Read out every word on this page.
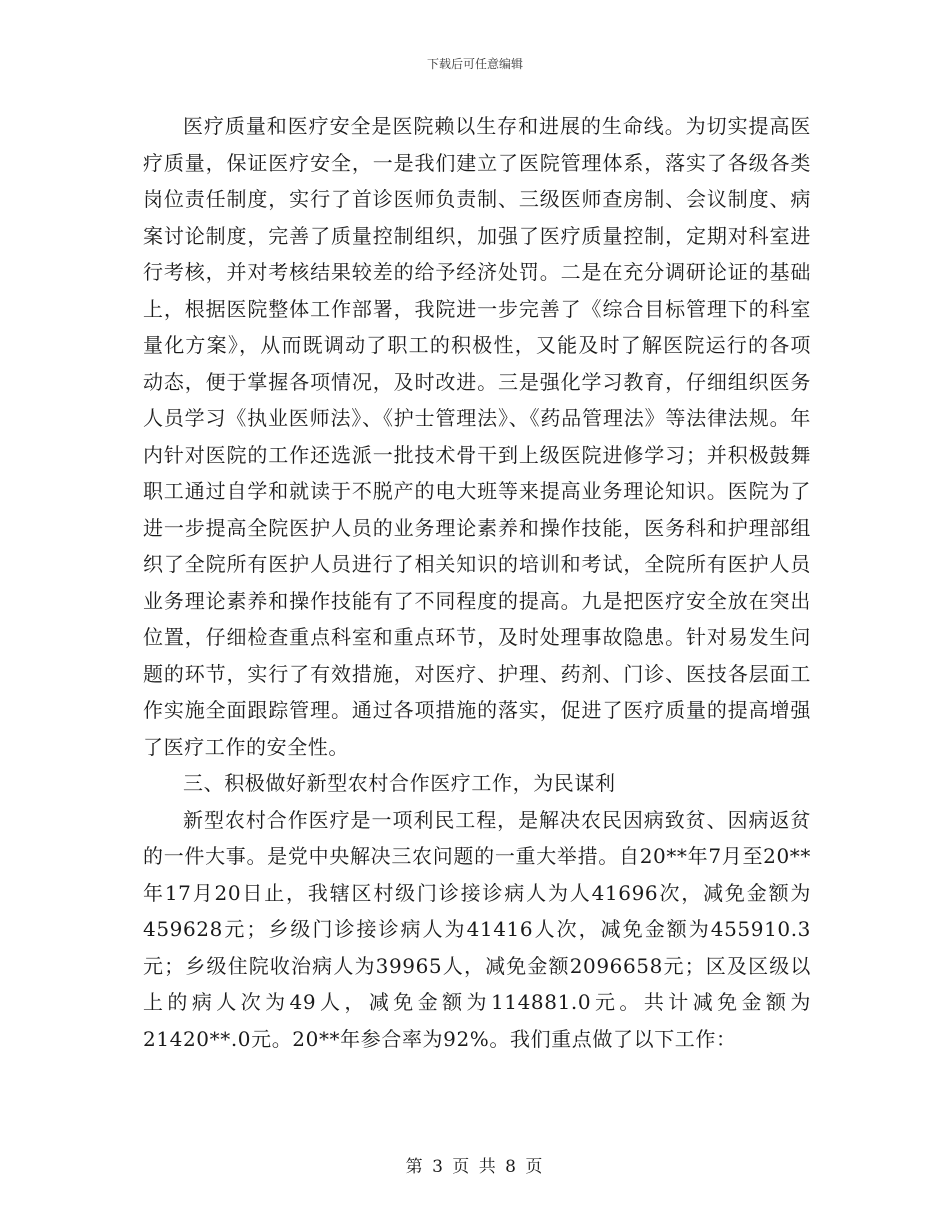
下载后可任意编辑

医疗质量和医疗安全是医院赖以生存和进展的生命线。为切实提高医疗质量，保证医疗安全，一是我们建立了医院管理体系，落实了各级各类岗位责任制度，实行了首诊医师负责制、三级医师查房制、会议制度、病案讨论制度，完善了质量控制组织，加强了医疗质量控制，定期对科室进行考核，并对考核结果较差的给予经济处罚。二是在充分调研论证的基础上，根据医院整体工作部署，我院进一步完善了《综合目标管理下的科室量化方案》，从而既调动了职工的积极性，又能及时了解医院运行的各项动态，便于掌握各项情况，及时改进。三是强化学习教育，仔细组织医务人员学习《执业医师法》、《护士管理法》、《药品管理法》等法律法规。年内针对医院的工作还选派一批技术骨干到上级医院进修学习；并积极鼓舞职工通过自学和就读于不脱产的电大班等来提高业务理论知识。医院为了进一步提高全院医护人员的业务理论素养和操作技能，医务科和护理部组织了全院所有医护人员进行了相关知识的培训和考试，全院所有医护人员业务理论素养和操作技能有了不同程度的提高。九是把医疗安全放在突出位置，仔细检查重点科室和重点环节，及时处理事故隐患。针对易发生问题的环节，实行了有效措施，对医疗、护理、药剂、门诊、医技各层面工作实施全面跟踪管理。通过各项措施的落实，促进了医疗质量的提高增强了医疗工作的安全性。

三、积极做好新型农村合作医疗工作，为民谋利

新型农村合作医疗是一项利民工程，是解决农民因病致贫、因病返贫的一件大事。是党中央解决三农问题的一重大举措。自20**年7月至20**年17月20日止，我辖区村级门诊接诊病人为人41696次，减免金额为459628元；乡级门诊接诊病人为41416人次，减免金额为455910.3元；乡级住院收治病人为39965人，减免金额2096658元；区及区级以上的病人次为49人，减免金额为114881.0元。共计减免金额为21420**.0元。20**年参合率为92%。我们重点做了以下工作：

第 3 页 共 8 页
